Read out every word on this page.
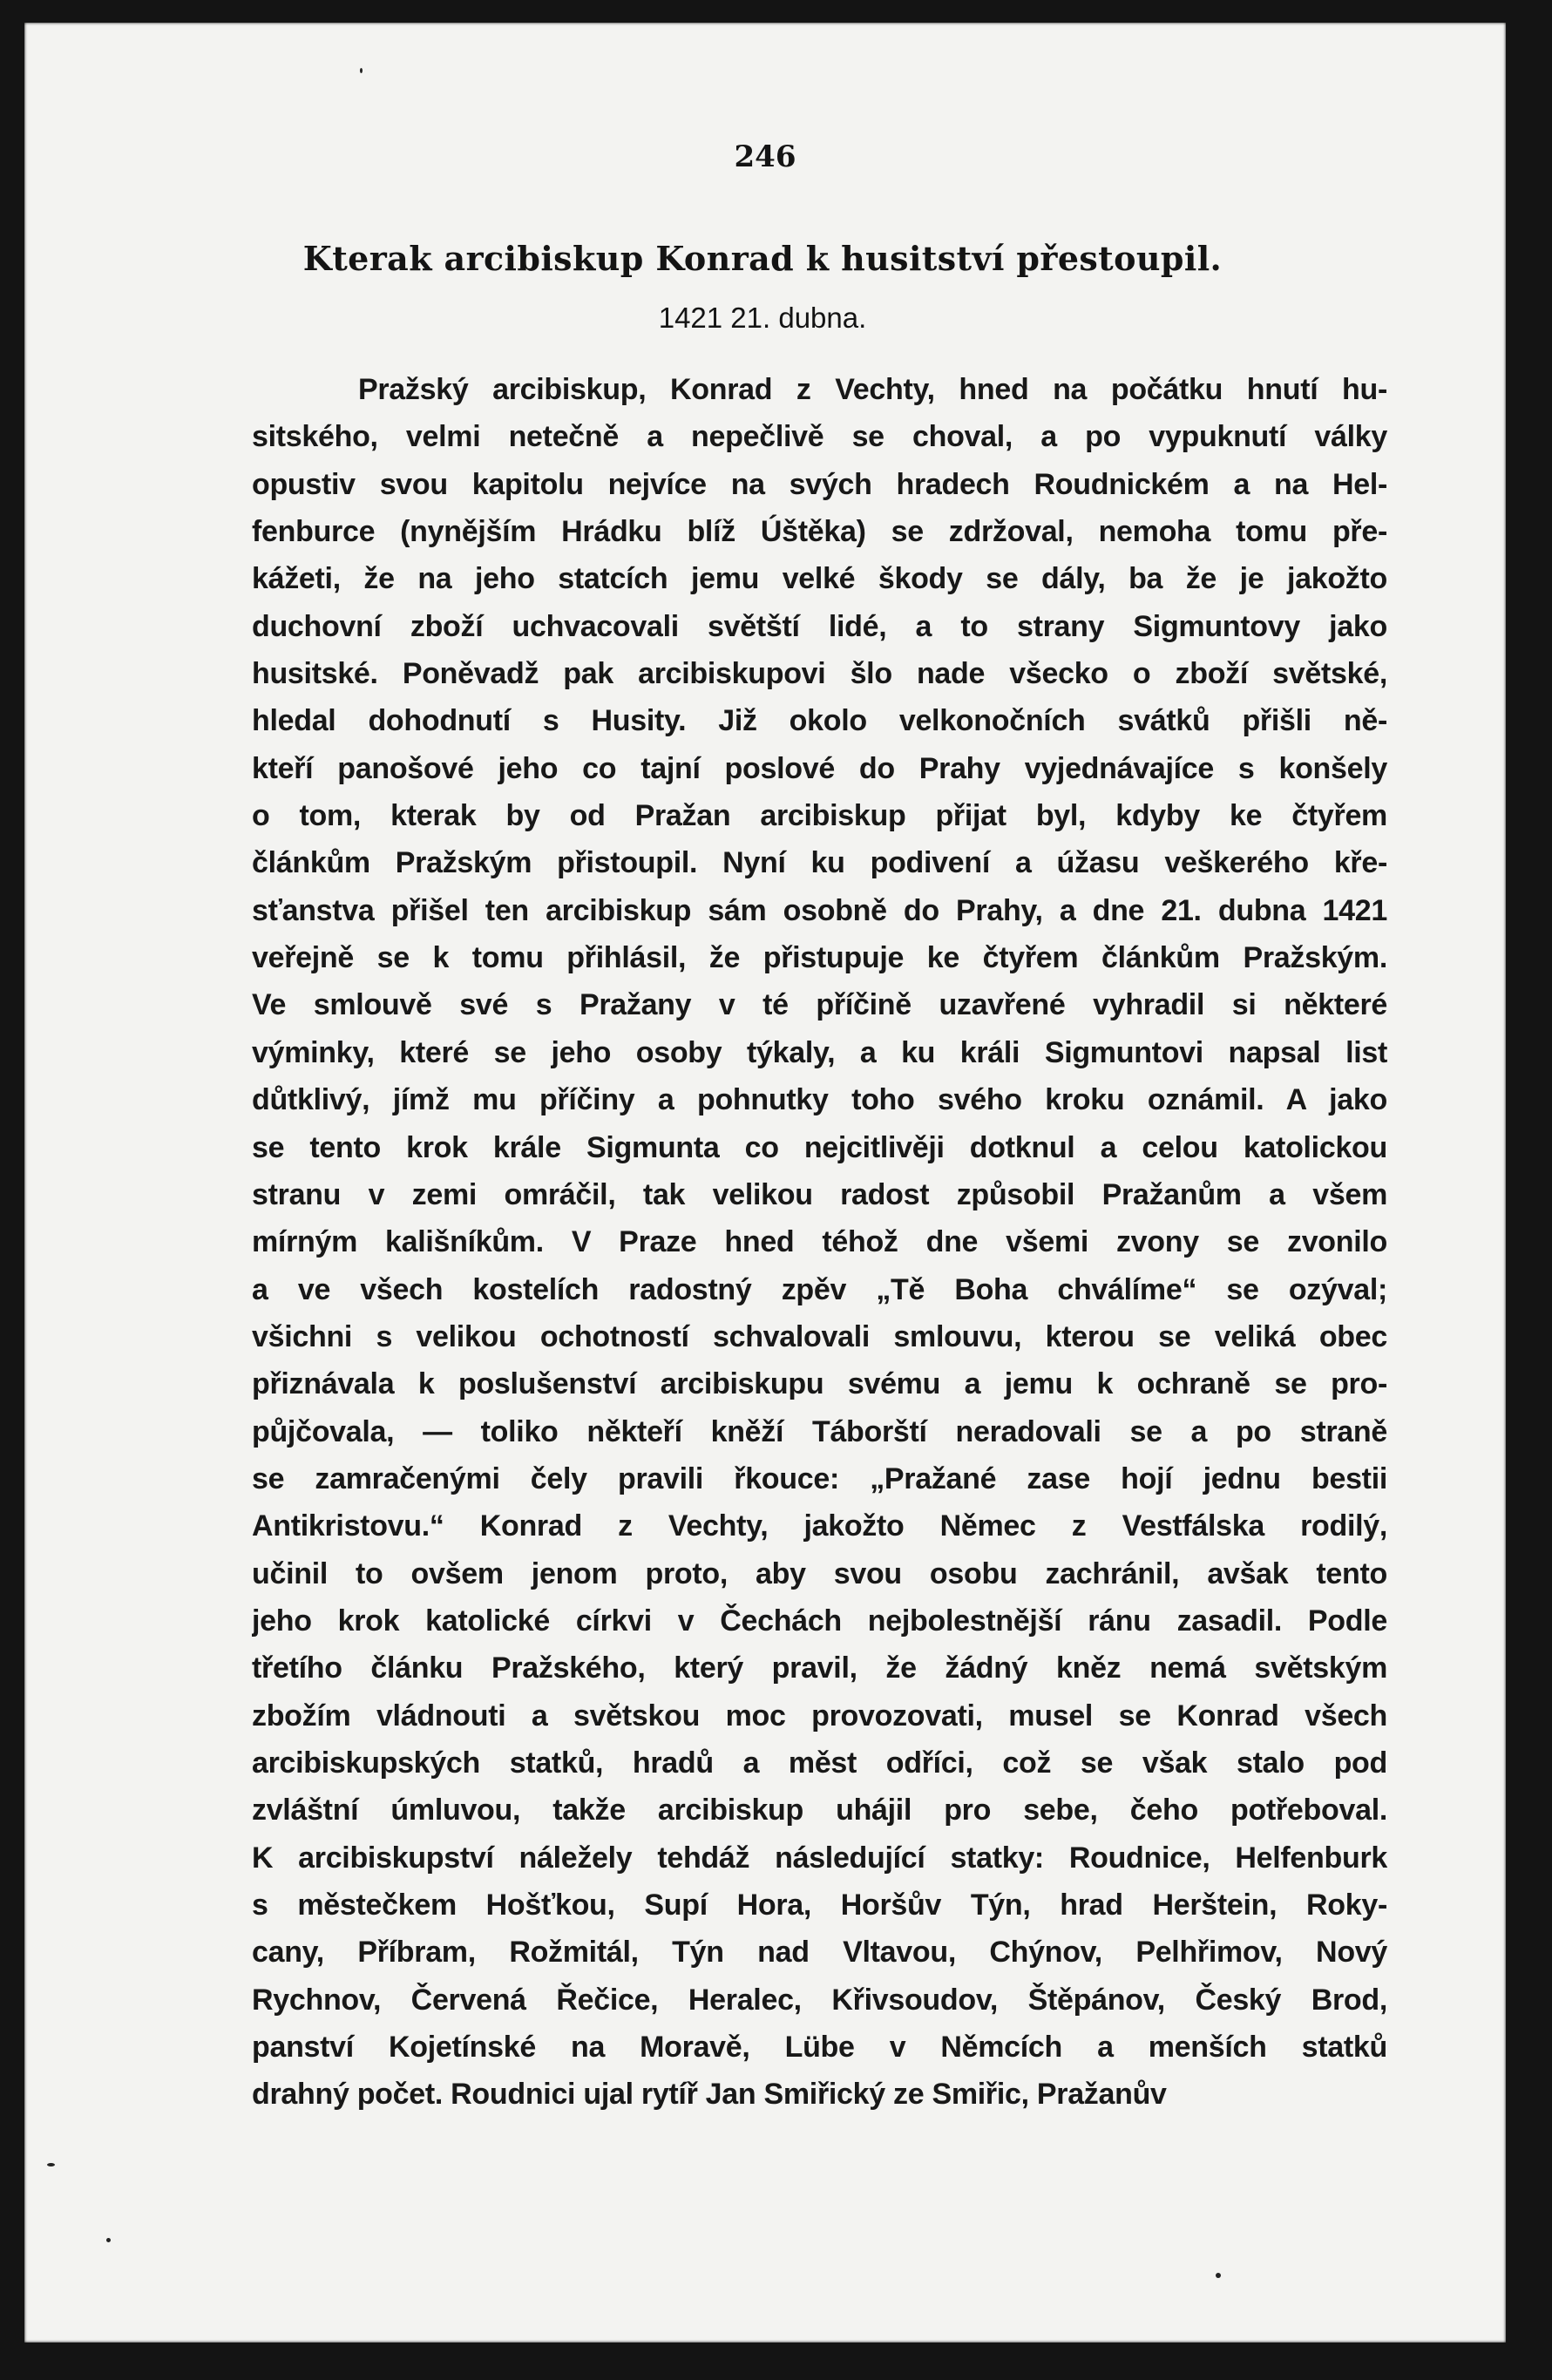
246
Kterak arcibiskup Konrad k husitství přestoupil.
1421 21. dubna.
Pražský arcibiskup, Konrad z Vechty, hned na počátku hnutí hu-
sitského, velmi netečně a nepečlivě se choval, a po vypuknutí války
opustiv svou kapitolu nejvíce na svých hradech Roudnickém a na Hel-
fenburce (nynějším Hrádku blíž Úštěka) se zdržoval, nemoha tomu pře-
kážeti, že na jeho statcích jemu velké škody se dály, ba že je jakožto
duchovní zboží uchvacovali světští lidé, a to strany Sigmuntovy jako
husitské. Poněvadž pak arcibiskupovi šlo nade všecko o zboží světské,
hledal dohodnutí s Husity. Již okolo velkonočních svátků přišli ně-
kteří panošové jeho co tajní poslové do Prahy vyjednávajíce s konšely
o tom, kterak by od Pražan arcibiskup přijat byl, kdyby ke čtyřem
článkům Pražským přistoupil. Nyní ku podivení a úžasu veškerého kře-
sťanstva přišel ten arcibiskup sám osobně do Prahy, a dne 21. dubna 1421
veřejně se k tomu přihlásil, že přistupuje ke čtyřem článkům Pražským.
Ve smlouvě své s Pražany v té příčině uzavřené vyhradil si některé
výminky, které se jeho osoby týkaly, a ku králi Sigmuntovi napsal list
důtklivý, jímž mu příčiny a pohnutky toho svého kroku oznámil. A jako
se tento krok krále Sigmunta co nejcitlivěji dotknul a celou katolickou
stranu v zemi omráčil, tak velikou radost způsobil Pražanům a všem
mírným kališníkům. V Praze hned téhož dne všemi zvony se zvonilo
a ve všech kostelích radostný zpěv „Tě Boha chválíme“ se ozýval;
všichni s velikou ochotností schvalovali smlouvu, kterou se veliká obec
přiznávala k poslušenství arcibiskupu svému a jemu k ochraně se pro-
půjčovala, — toliko někteří kněží Táborští neradovali se a po straně
se zamračenými čely pravili řkouce: „Pražané zase hojí jednu bestii
Antikristovu.“ Konrad z Vechty, jakožto Němec z Vestfálska rodilý,
učinil to ovšem jenom proto, aby svou osobu zachránil, avšak tento
jeho krok katolické církvi v Čechách nejbolestnější ránu zasadil. Podle
třetího článku Pražského, který pravil, že žádný kněz nemá světským
zbožím vládnouti a světskou moc provozovati, musel se Konrad všech
arcibiskupských statků, hradů a měst odříci, což se však stalo pod
zvláštní úmluvou, takže arcibiskup uhájil pro sebe, čeho potřeboval.
K arcibiskupství náležely tehdáž následující statky: Roudnice, Helfenburk
s městečkem Hošťkou, Supí Hora, Horšův Týn, hrad Herštein, Roky-
cany, Příbram, Rožmitál, Týn nad Vltavou, Chýnov, Pelhřimov, Nový
Rychnov, Červená Řečice, Heralec, Křivsoudov, Štěpánov, Český Brod,
panství Kojetínské na Moravě, Lübe v Němcích a menších statků
drahný počet. Roudnici ujal rytíř Jan Smiřický ze Smiřic, Pražanův
